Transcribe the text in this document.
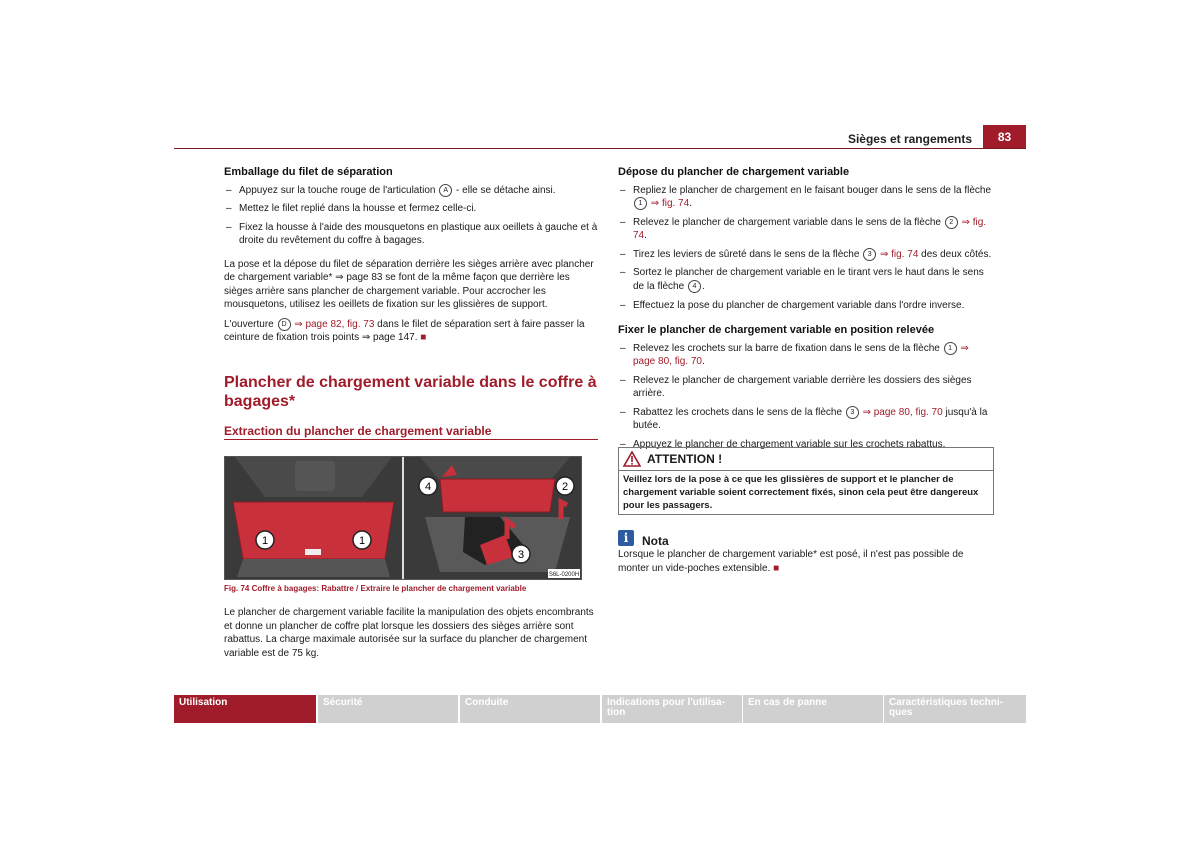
Sièges et rangements	83
Emballage du filet de séparation
– Appuyez sur la touche rouge de l'articulation A - elle se détache ainsi.
– Mettez le filet replié dans la housse et fermez celle-ci.
– Fixez la housse à l'aide des mousquetons en plastique aux oeillets à gauche et à droite du revêtement du coffre à bagages.

La pose et la dépose du filet de séparation derrière les sièges arrière avec plancher de chargement variable* ⇒ page 83 se font de la même façon que derrière les sièges arrière sans plancher de chargement variable. Pour accrocher les mousquetons, utilisez les oeillets de fixation sur les glissières de support.

L'ouverture D ⇒ page 82, fig. 73 dans le filet de séparation sert à faire passer la ceinture de fixation trois points ⇒ page 147. ■

Plancher de chargement variable dans le coffre à bagages*
Extraction du plancher de chargement variable
1	1
4	2
3
S6L-0200H
Fig. 74 Coffre à bagages: Rabattre / Extraire le plancher de chargement variable

Le plancher de chargement variable facilite la manipulation des objets encombrants et donne un plancher de coffre plat lorsque les dossiers des sièges arrière sont rabattus. La charge maximale autorisée sur la surface du plancher de chargement variable est de 75 kg.

Dépose du plancher de chargement variable
– Repliez le plancher de chargement en le faisant bouger dans le sens de la flèche 1 ⇒ fig. 74.
– Relevez le plancher de chargement variable dans le sens de la flèche 2 ⇒ fig. 74.
– Tirez les leviers de sûreté dans le sens de la flèche 3 ⇒ fig. 74 des deux côtés.
– Sortez le plancher de chargement variable en le tirant vers le haut dans le sens de la flèche 4 .
– Effectuez la pose du plancher de chargement variable dans l'ordre inverse.
Fixer le plancher de chargement variable en position relevée
– Relevez les crochets sur la barre de fixation dans le sens de la flèche 1 ⇒ page 80, fig. 70.
– Relevez le plancher de chargement variable derrière les dossiers des sièges arrière.
– Rabattez les crochets dans le sens de la flèche 3 ⇒ page 80, fig. 70 jusqu'à la butée.
– Appuyez le plancher de chargement variable sur les crochets rabattus.
ATTENTION !
Veillez lors de la pose à ce que les glissières de support et le plancher de chargement variable soient correctement fixés, sinon cela peut être dangereux pour les passagers.
i	Nota
Lorsque le plancher de chargement variable* est posé, il n'est pas possible de monter un vide-poches extensible. ■
Utilisation	Sécurité	Conduite	Indications pour l'utilisa-
tion
En cas de panne	Caractéristiques techni-
ques
